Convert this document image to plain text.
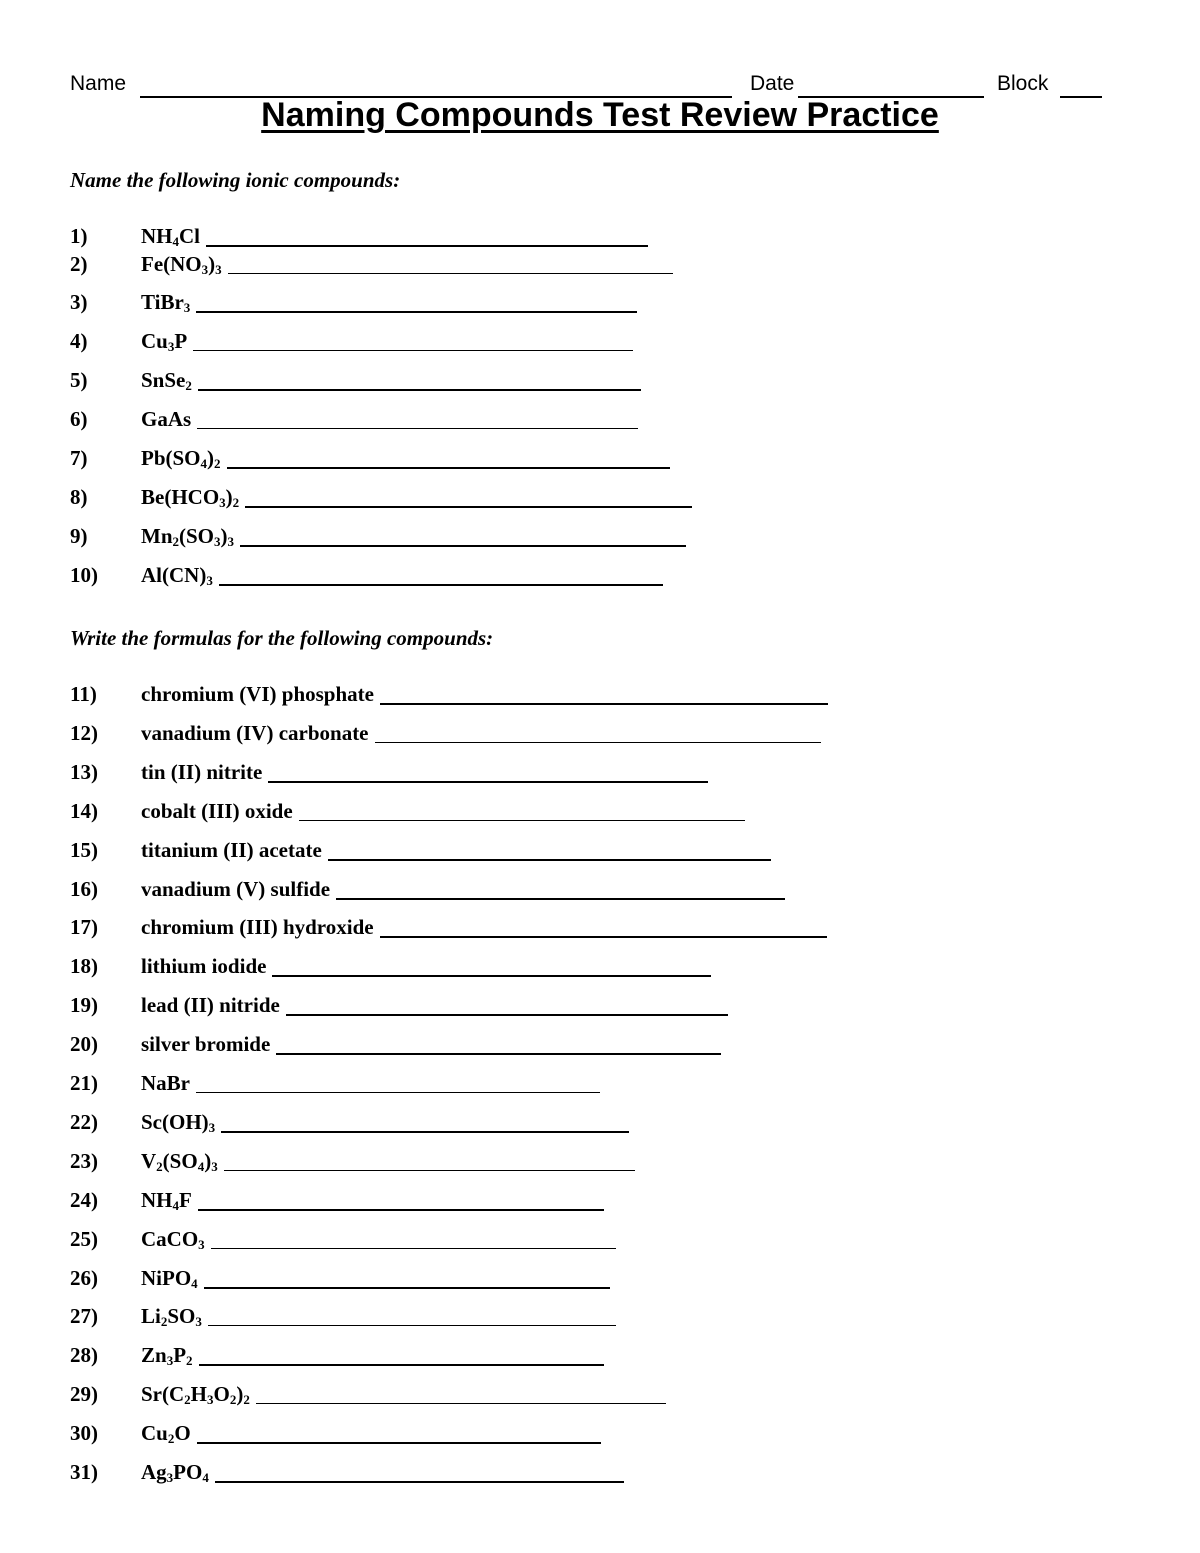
Name	Date	Block
Naming Compounds Test Review Practice
Name the following ionic compounds:
1)	$NH_4Cl$
2)	$Fe(NO_3)_3$
3)	TiBr$_3$
4)	$Cu_3P$
5)	SnSe$_2$
6)	GaAs
7)	$Pb(SO_4)_2$
8)	$Be(HCO_3)_2$
9)	$Mn_2(SO_3)_3$
10) $Al(CN)_3$
Write the formulas for the following compounds:
11) chromium (VI) phosphate
12) vanadium (IV) carbonate
13) tin (II) nitrite
14) cobalt (III) oxide
15) titanium (II) acetate
16) vanadium (V) sulfide
17) chromium (III) hydroxide
18) lithium iodide
19) lead (II) nitride
20) silver bromide
21) NaBr
22) $Sc(OH)_3$
23) $V_2(SO_4)_3$
24) $NH_4F$
25) CaCO$_3$
26) NiPO$_4$
27) $Li_2SO_3$
28) $Zn_3P_2$
29) $Sr(C_2H_3O_2)_2$
30) $Cu_2O$
31) $Ag_3PO_4$
